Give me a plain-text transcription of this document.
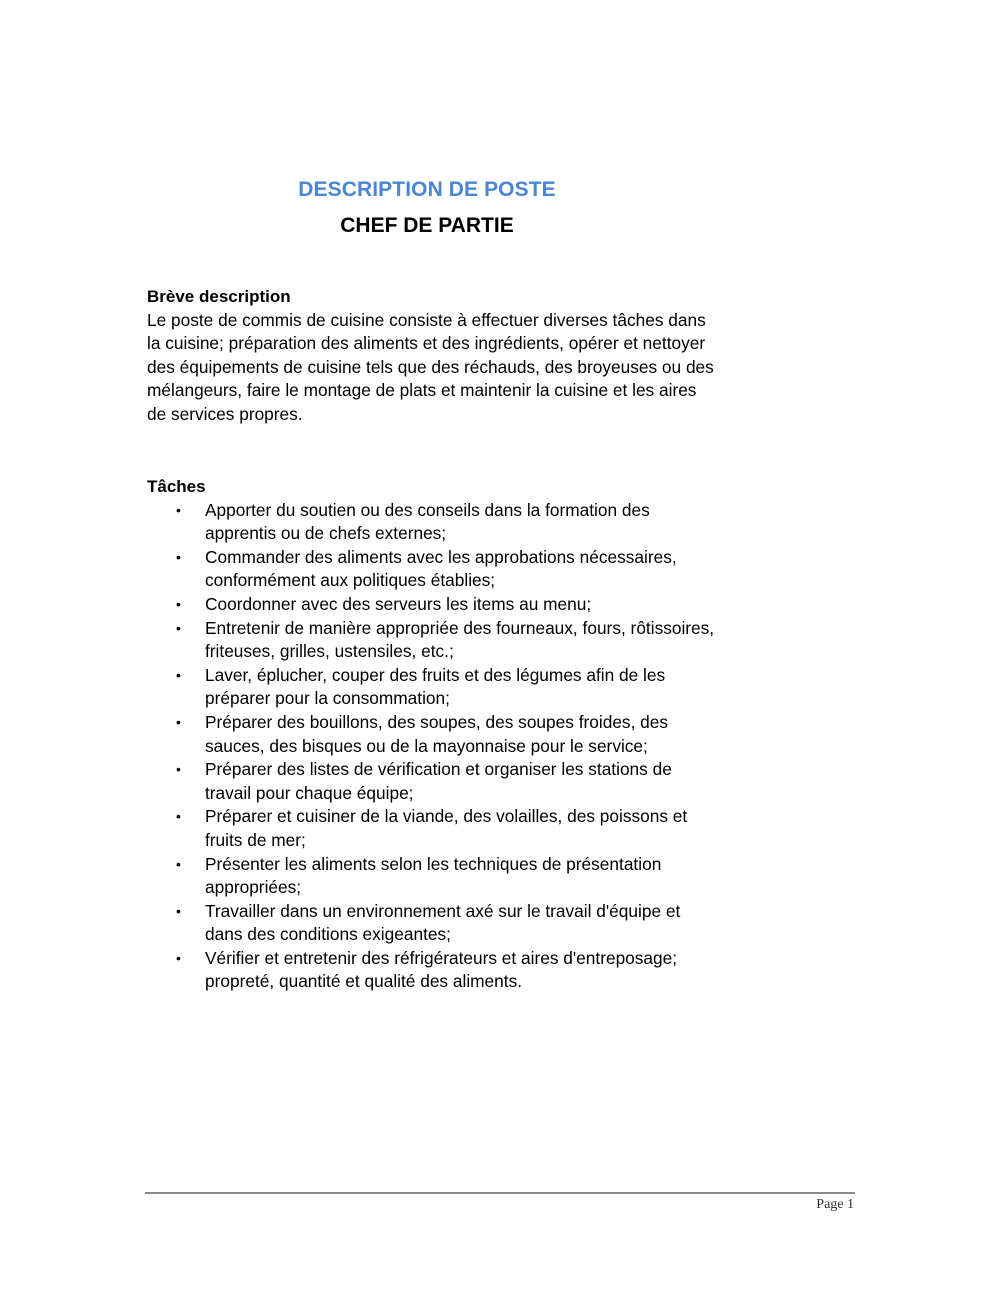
DESCRIPTION DE POSTE
CHEF DE PARTIE

Brève description

Le poste de commis de cuisine consiste à effectuer diverses tâches dans la cuisine; préparation des aliments et des ingrédients, opérer et nettoyer des équipements de cuisine tels que des réchauds, des broyeuses ou des mélangeurs, faire le montage de plats et maintenir la cuisine et les aires de services propres.

Tâches

• Apporter du soutien ou des conseils dans la formation des apprentis ou de chefs externes;
• Commander des aliments avec les approbations nécessaires, conformément aux politiques établies;
• Coordonner avec des serveurs les items au menu;
• Entretenir de manière appropriée des fourneaux, fours, rôtissoires, friteuses, grilles, ustensiles, etc.;
• Laver, éplucher, couper des fruits et des légumes afin de les préparer pour la consommation;
• Préparer des bouillons, des soupes, des soupes froides, des sauces, des bisques ou de la mayonnaise pour le service;
• Préparer des listes de vérification et organiser les stations de travail pour chaque équipe;
• Préparer et cuisiner de la viande, des volailles, des poissons et fruits de mer;
• Présenter les aliments selon les techniques de présentation appropriées;
• Travailler dans un environnement axé sur le travail d'équipe et dans des conditions exigeantes;
• Vérifier et entretenir des réfrigérateurs et aires d'entreposage; propreté, quantité et qualité des aliments.
Page 1
